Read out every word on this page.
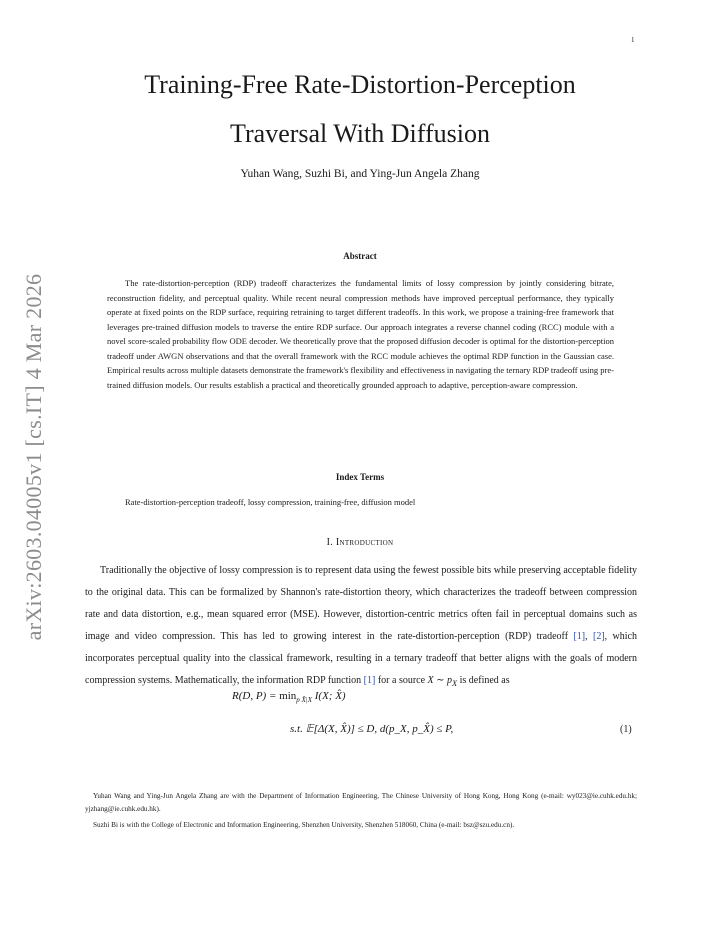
1
arXiv:2603.04005v1 [cs.IT] 4 Mar 2026
Training-Free Rate-Distortion-Perception
Traversal With Diffusion
Yuhan Wang, Suzhi Bi, and Ying-Jun Angela Zhang
Abstract

The rate-distortion-perception (RDP) tradeoff characterizes the fundamental limits of lossy compression by jointly considering bitrate, reconstruction fidelity, and perceptual quality. While recent neural compression methods have improved perceptual performance, they typically operate at fixed points on the RDP surface, requiring retraining to target different tradeoffs. In this work, we propose a training-free framework that leverages pre-trained diffusion models to traverse the entire RDP surface. Our approach integrates a reverse channel coding (RCC) module with a novel score-scaled probability flow ODE decoder. We theoretically prove that the proposed diffusion decoder is optimal for the distortion-perception tradeoff under AWGN observations and that the overall framework with the RCC module achieves the optimal RDP function in the Gaussian case. Empirical results across multiple datasets demonstrate the framework's flexibility and effectiveness in navigating the ternary RDP tradeoff using pre-trained diffusion models. Our results establish a practical and theoretically grounded approach to adaptive, perception-aware compression.

Index Terms
Rate-distortion-perception tradeoff, lossy compression, training-free, diffusion model
I. Introduction

Traditionally the objective of lossy compression is to represent data using the fewest possible bits while preserving acceptable fidelity to the original data. This can be formalized by Shannon's rate-distortion theory, which characterizes the tradeoff between compression rate and data distortion, e.g., mean squared error (MSE). However, distortion-centric metrics often fail in perceptual domains such as image and video compression. This has led to growing interest in the rate-distortion-perception (RDP) tradeoff [1], [2], which incorporates perceptual quality into the classical framework, resulting in a ternary tradeoff that better aligns with the goals of modern compression systems. Mathematically, the information RDP function [1] for a source X ∼ $p_X$ is defined as

R(D, $P) = \min_{p X̂|X} I(X$; X̂)
s.t. 𝔼[Δ(X, X̂)] ≤ D, d(p_X, p_X̂) ≤ P,	(1)

Yuhan Wang and Ying-Jun Angela Zhang are with the Department of Information Engineering, The Chinese University of Hong Kong, Hong Kong (e-mail: wy023@ie.cuhk.edu.hk; yjzhang@ie.cuhk.edu.hk).

Suzhi Bi is with the College of Electronic and Information Engineering, Shenzhen University, Shenzhen 518060, China (e-mail: bsz@szu.edu.cn).
